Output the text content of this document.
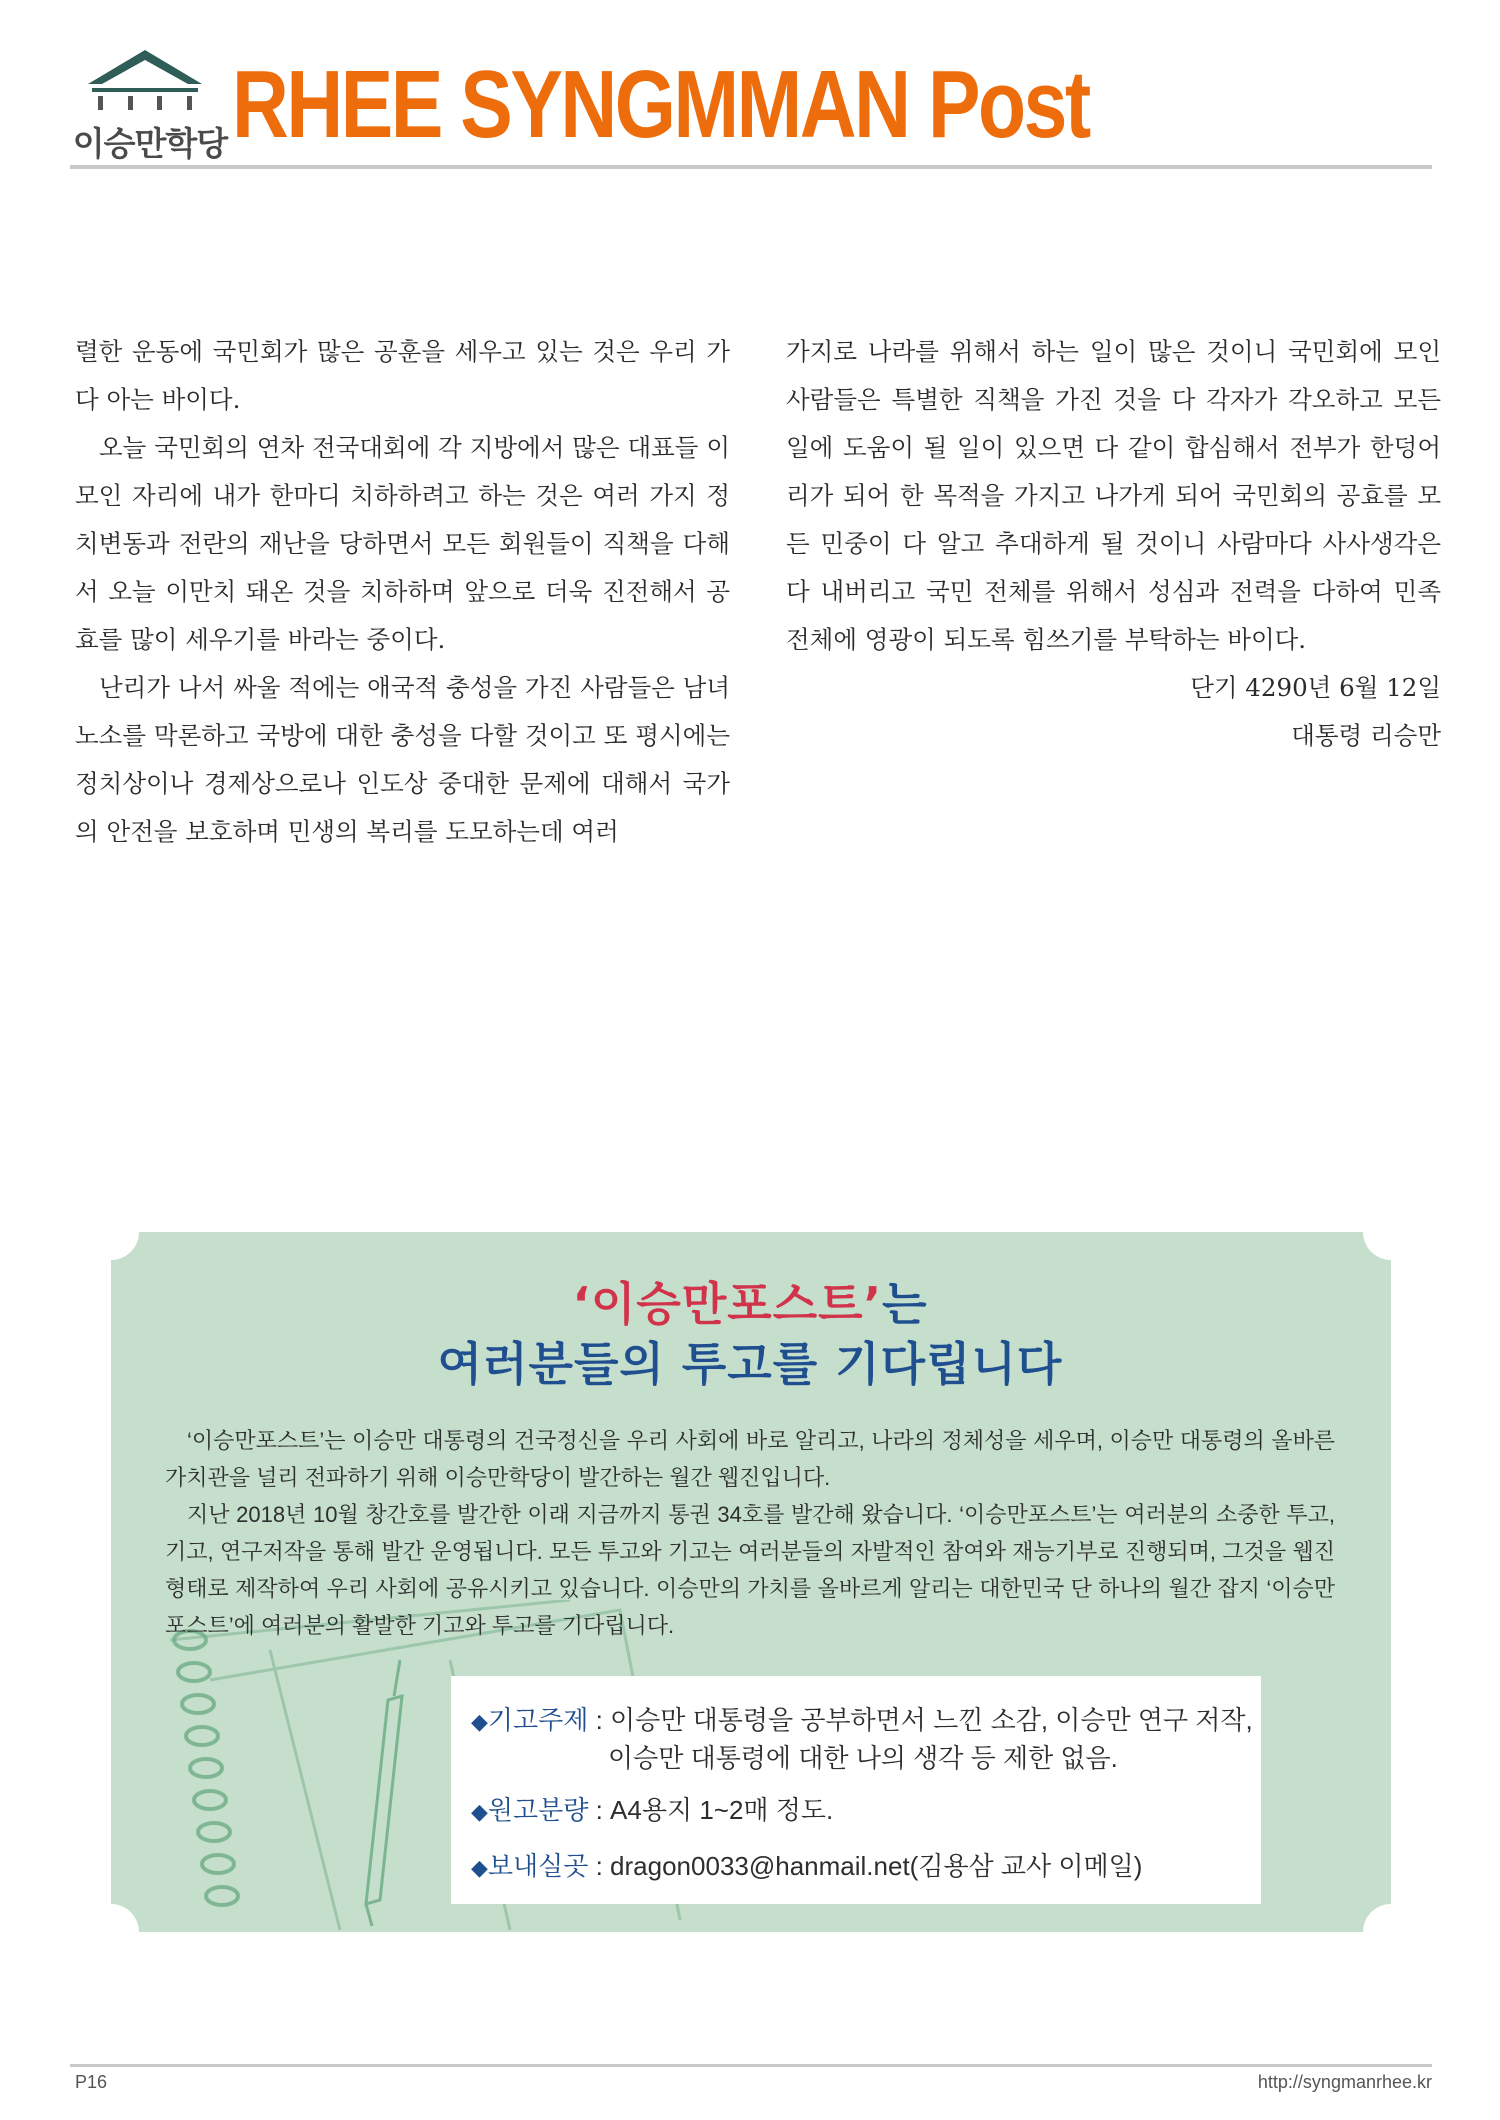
이승만학당 RHEE SYNGMMAN Post

렬한 운동에 국민회가 많은 공훈을 세우고 있는 것은 우리 가 다 아는 바이다.

오늘 국민회의 연차 전국대회에 각 지방에서 많은 대표들 이 모인 자리에 내가 한마디 치하하려고 하는 것은 여러 가지 정치변동과 전란의 재난을 당하면서 모든 회원들이 직책을 다해서 오늘 이만치 돼온 것을 치하하며 앞으로 더욱 진전해서 공효를 많이 세우기를 바라는 중이다.

난리가 나서 싸울 적에는 애국적 충성을 가진 사람들은 남녀노소를 막론하고 국방에 대한 충성을 다할 것이고 또 평시에는 정치상이나 경제상으로나 인도상 중대한 문제에 대해서 국가의 안전을 보호하며 민생의 복리를 도모하는데 여러

가지로 나라를 위해서 하는 일이 많은 것이니 국민회에 모인 사람들은 특별한 직책을 가진 것을 다 각자가 각오하고 모든 일에 도움이 될 일이 있으면 다 같이 합심해서 전부가 한덩어리가 되어 한 목적을 가지고 나가게 되어 국민회의 공효를 모든 민중이 다 알고 추대하게 될 것이니 사람마다 사사생각은 다 내버리고 국민 전체를 위해서 성심과 전력을 다하여 민족 전체에 영광이 되도록 힘쓰기를 부탁하는 바이다.

단기 4290년 6월 12일

대통령 리승만

‘이승만포스트’는
여러분들의 투고를 기다립니다

‘이승만포스트’는 이승만 대통령의 건국정신을 우리 사회에 바로 알리고, 나라의 정체성을 세우며, 이승만 대통령의 올바른 가치관을 널리 전파하기 위해 이승만학당이 발간하는 월간 웹진입니다.

지난 2018년 10월 창간호를 발간한 이래 지금까지 통권 34호를 발간해 왔습니다. ‘이승만포스트’는 여러분의 소중한 투고, 기고, 연구저작을 통해 발간 운영됩니다. 모든 투고와 기고는 여러분들의 자발적인 참여와 재능기부로 진행되며, 그것을 웹진 형태로 제작하여 우리 사회에 공유시키고 있습니다. 이승만의 가치를 올바르게 알리는 대한민국 단 하나의 월간 잡지 ‘이승만포스트’에 여러분의 활발한 기고와 투고를 기다립니다.

◆기고주제 : 이승만 대통령을 공부하면서 느낀 소감, 이승만 연구 저작,
이승만 대통령에 대한 나의 생각 등 제한 없음.
◆원고분량 : A4용지 1~2매 정도.
◆보내실곳 : dragon0033@hanmail.net(김용삼 교사 이메일)
P16	http://syngmanrhee.kr
